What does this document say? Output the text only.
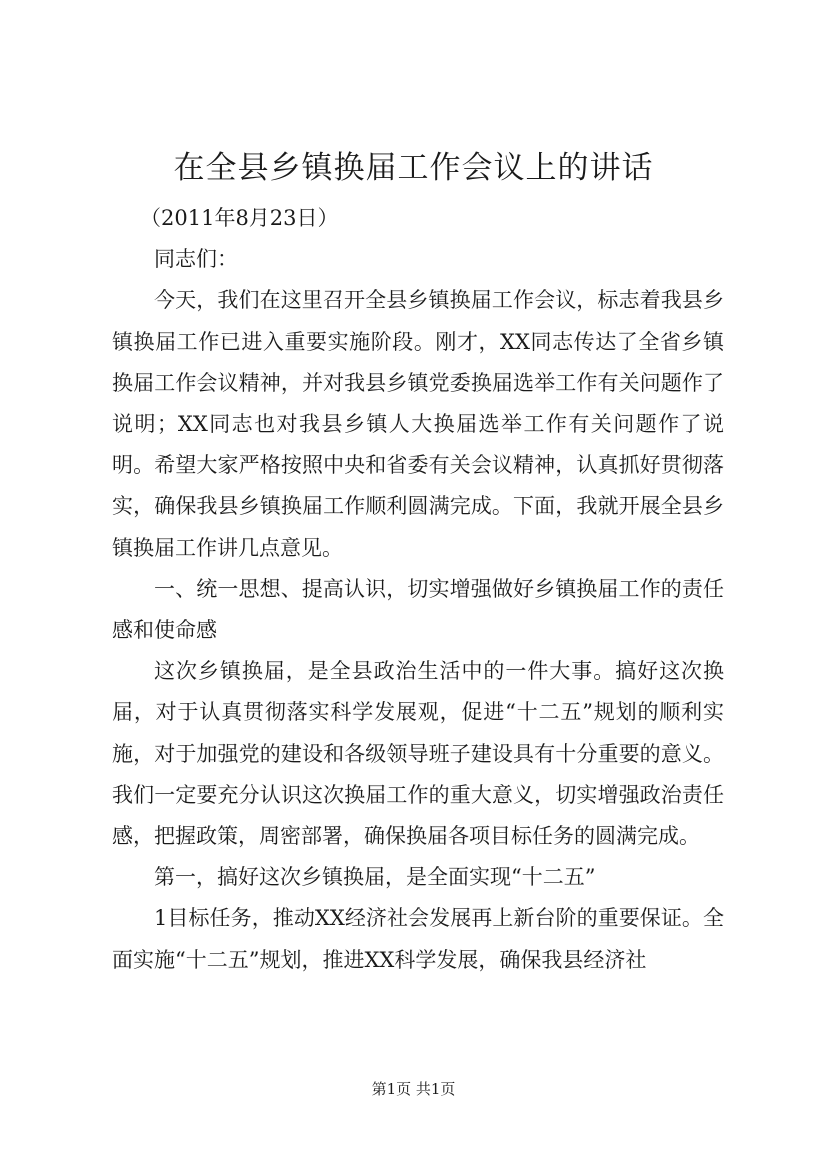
在全县乡镇换届工作会议上的讲话

（2011年8月23日）

同志们：

今天，我们在这里召开全县乡镇换届工作会议，标志着我县乡镇换届工作已进入重要实施阶段。刚才，XX同志传达了全省乡镇换届工作会议精神，并对我县乡镇党委换届选举工作有关问题作了说明；XX同志也对我县乡镇人大换届选举工作有关问题作了说明。希望大家严格按照中央和省委有关会议精神，认真抓好贯彻落实，确保我县乡镇换届工作顺利圆满完成。下面，我就开展全县乡镇换届工作讲几点意见。

一、统一思想、提高认识，切实增强做好乡镇换届工作的责任感和使命感

这次乡镇换届，是全县政治生活中的一件大事。搞好这次换届，对于认真贯彻落实科学发展观，促进“十二五”规划的顺利实施，对于加强党的建设和各级领导班子建设具有十分重要的意义。我们一定要充分认识这次换届工作的重大意义，切实增强政治责任感，把握政策，周密部署，确保换届各项目标任务的圆满完成。

第一，搞好这次乡镇换届，是全面实现“十二五”

1目标任务，推动XX经济社会发展再上新台阶的重要保证。全面实施“十二五”规划，推进XX科学发展，确保我县经济社

第1页 共1页
